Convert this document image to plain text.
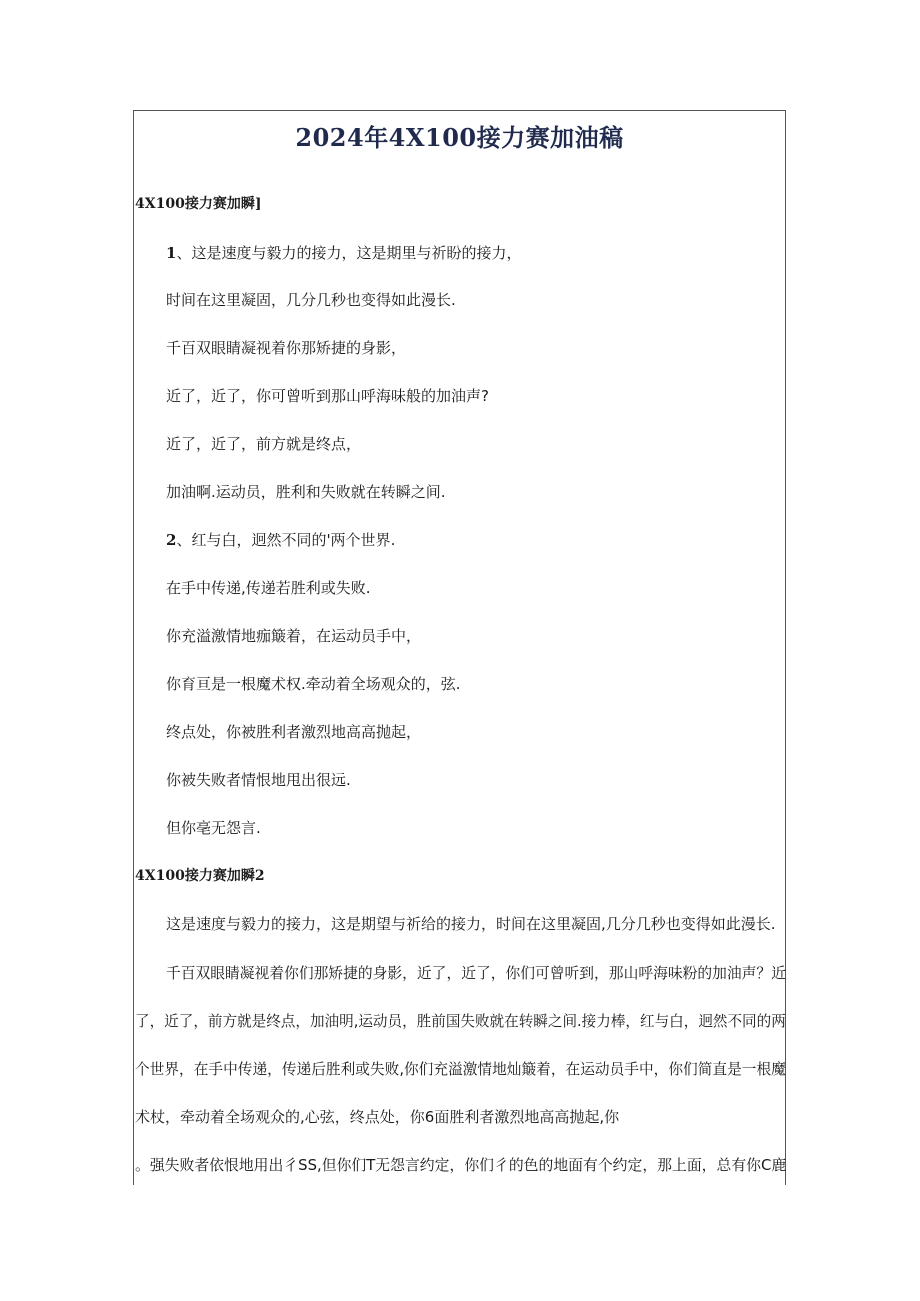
2024年4X100接力赛加油稿
4X100接力赛加瞬]
1、这是速度与毅力的接力，这是期里与祈盼的接力，
时间在这里凝固，几分几秒也变得如此漫长.
千百双眼睛凝视着你那矫捷的身影，
近了，近了，你可曾听到那山呼海味般的加油声?
近了，近了，前方就是终点，
加油啊.运动员，胜利和失败就在转瞬之间.
2、红与白，迥然不同的'两个世界.
在手中传递,传递若胜利或失败.
你充溢激情地痂簸着，在运动员手中，
你育亘是一根魔术权.牵动着全场观众的，弦.
终点处，你被胜利者激烈地高高抛起，
你被失败者情恨地甩出很远.
但你亳无怨言.
4X100接力赛加瞬2
这是速度与毅力的接力，这是期望与祈给的接力，时间在这里凝固,几分几秒也变得如此漫长.
千百双眼睛凝视着你们那矫捷的身影，近了，近了，你们可曾听到，那山呼海味粉的加油声？近
了，近了，前方就是终点，加油明,运动员，胜前国失败就在转瞬之间.接力棒，红与白，迥然不同的两
个世界，在手中传递，传递后胜利或失败,你们充溢激情地灿簸着，在运动员手中，你们简直是一根魔
术杖，牵动着全场观众的,心弦，终点处，你6面胜利者激烈地高高抛起,你
。强失败者依恨地用出彳SS,但你们T无怨言约定，你们彳的色的地面有个约定，那上面，总有你C鹿
